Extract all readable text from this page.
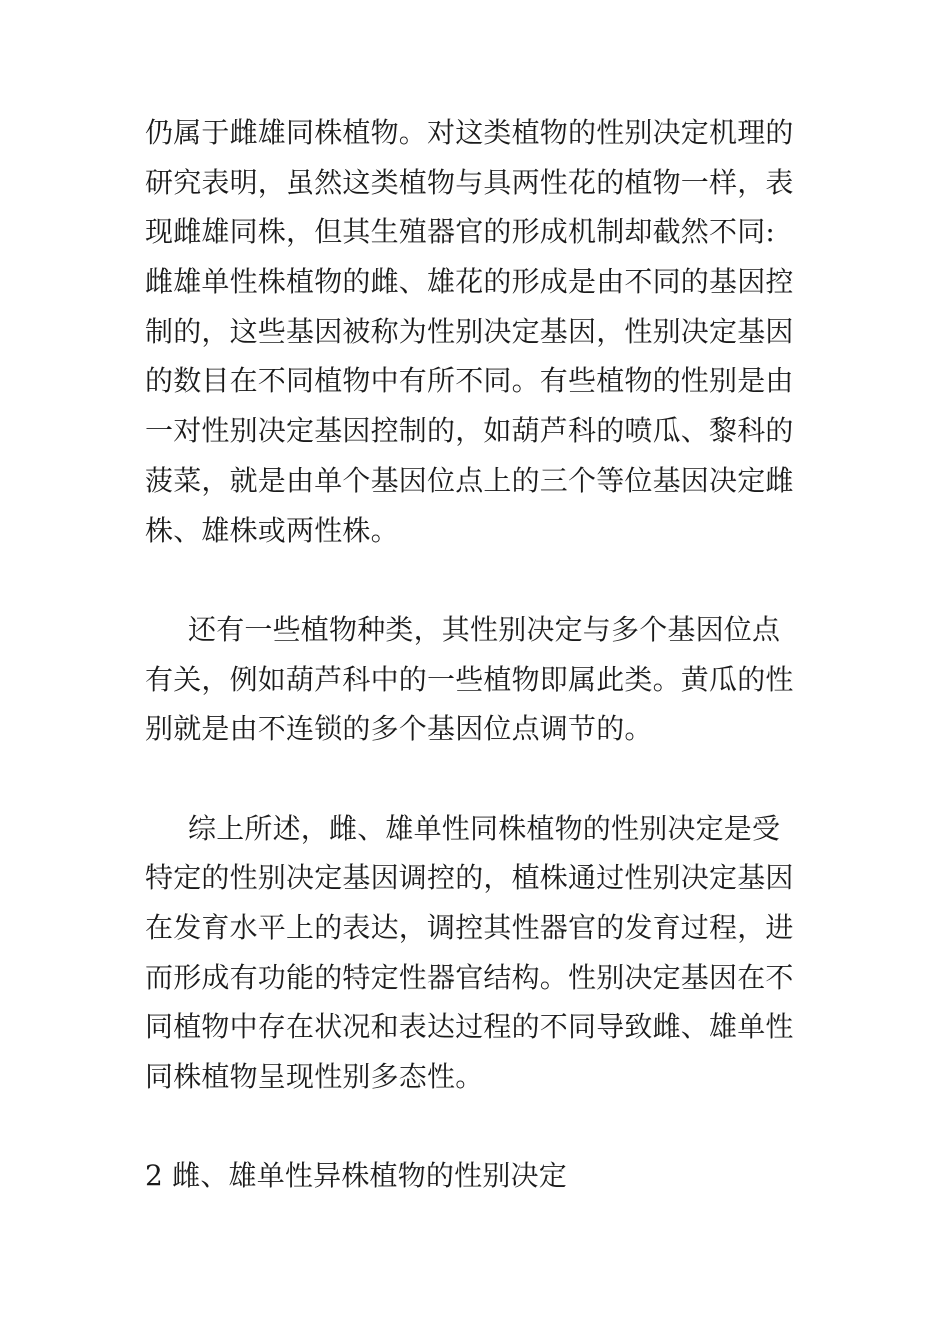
仍属于雌雄同株植物。对这类植物的性别决定机理的
研究表明，虽然这类植物与具两性花的植物一样，表
现雌雄同株，但其生殖器官的形成机制却截然不同:
雌雄单性株植物的雌、雄花的形成是由不同的基因控
制的，这些基因被称为性别决定基因，性别决定基因
的数目在不同植物中有所不同。有些植物的性别是由
一对性别决定基因控制的，如葫芦科的喷瓜、黎科的
菠菜，就是由单个基因位点上的三个等位基因决定雌
株、雄株或两性株。
还有一些植物种类，其性别决定与多个基因位点
有关，例如葫芦科中的一些植物即属此类。黄瓜的性
别就是由不连锁的多个基因位点调节的。
综上所述，雌、雄单性同株植物的性别决定是受
特定的性别决定基因调控的，植株通过性别决定基因
在发育水平上的表达，调控其性器官的发育过程，进
而形成有功能的特定性器官结构。性别决定基因在不
同植物中存在状况和表达过程的不同导致雌、雄单性
同株植物呈现性别多态性。
2 雌、雄单性异株植物的性别决定
